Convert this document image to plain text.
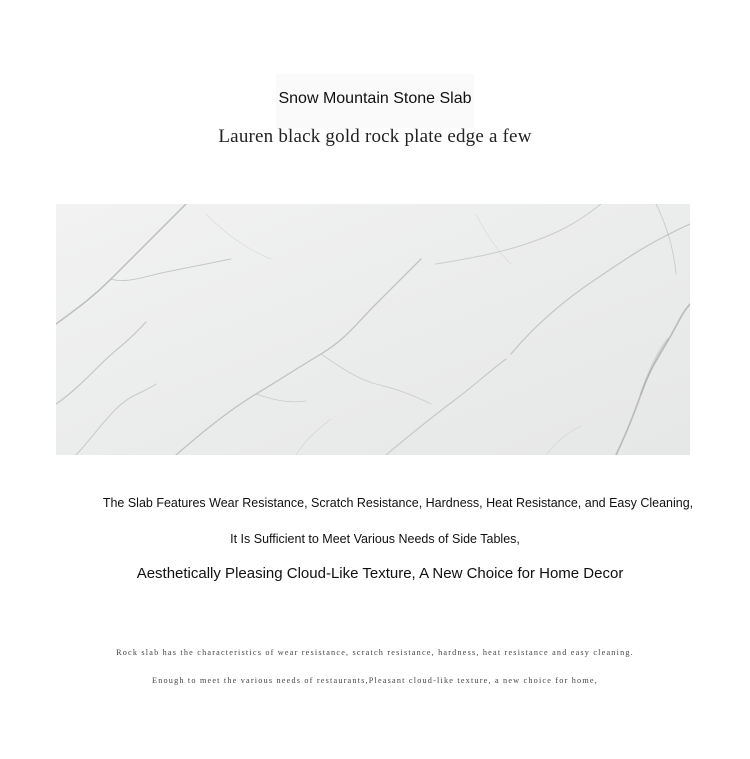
Snow Mountain Stone Slab
Lauren black gold rock plate edge a few
The Slab Features Wear Resistance, Scratch Resistance, Hardness, Heat Resistance, and Easy Cleaning,
It Is Sufficient to Meet Various Needs of Side Tables,
Aesthetically Pleasing Cloud-Like Texture, A New Choice for Home Decor
Rock slab has the characteristics of wear resistance, scratch resistance, hardness, heat resistance and easy cleaning.
Enough to meet the various needs of restaurants,Pleasant cloud-like texture, a new choice for home,
